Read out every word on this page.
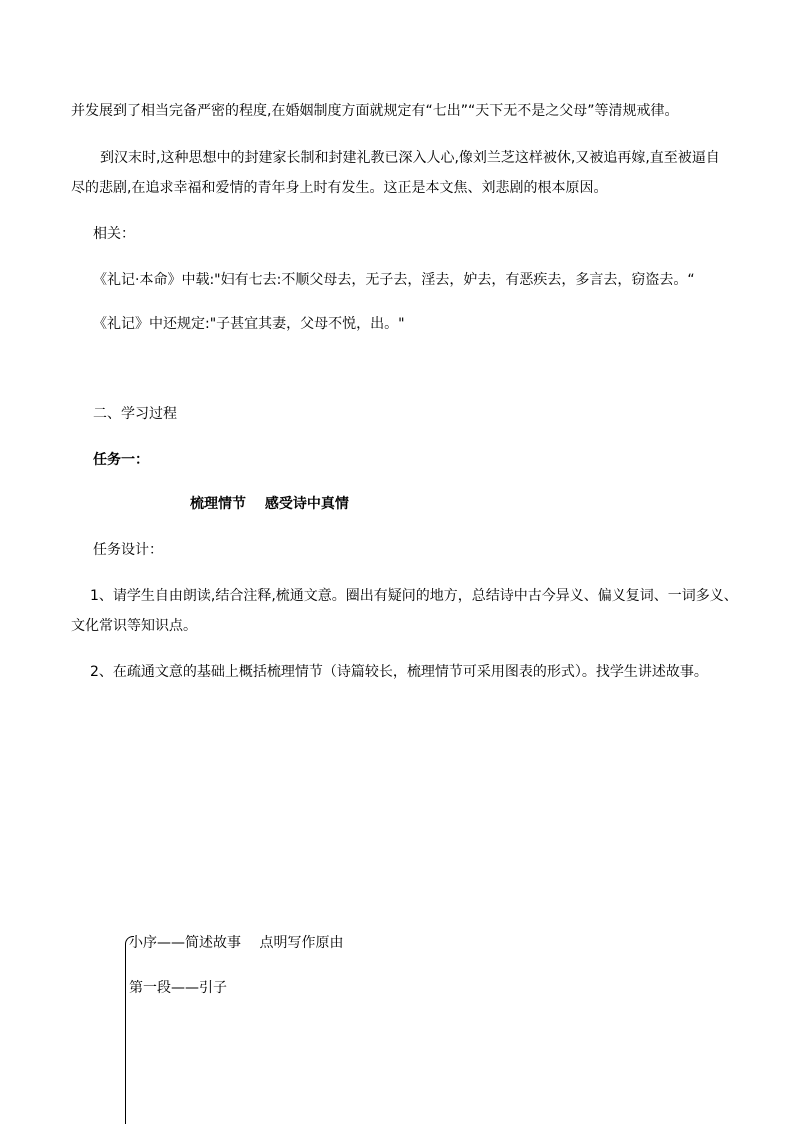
并发展到了相当完备严密的程度,在婚姻制度方面就规定有“七出”“天下无不是之父母”等清规戒律。
到汉末时,这种思想中的封建家长制和封建礼教已深入人心,像刘兰芝这样被休,又被追再嫁,直至被逼自
尽的悲剧,在追求幸福和爱情的青年身上时有发生。这正是本文焦、刘悲剧的根本原因。
相关：
《礼记·本命》中载:"妇有七去:不顺父母去，无子去，淫去，妒去，有恶疾去，多言去，窃盗去。“
《礼记》中还规定:"子甚宜其妻，父母不悦，出。"
二、学习过程
任务一：
梳理情节　 感受诗中真情
任务设计：
1、请学生自由朗读,结合注释,梳通文意。圈出有疑问的地方，总结诗中古今异义、偏义复词、一词多义、
文化常识等知识点。
2、在疏通文意的基础上概括梳理情节（诗篇较长，梳理情节可采用图表的形式）。找学生讲述故事。
小序——简述故事　 点明写作原由
第一段——引子
